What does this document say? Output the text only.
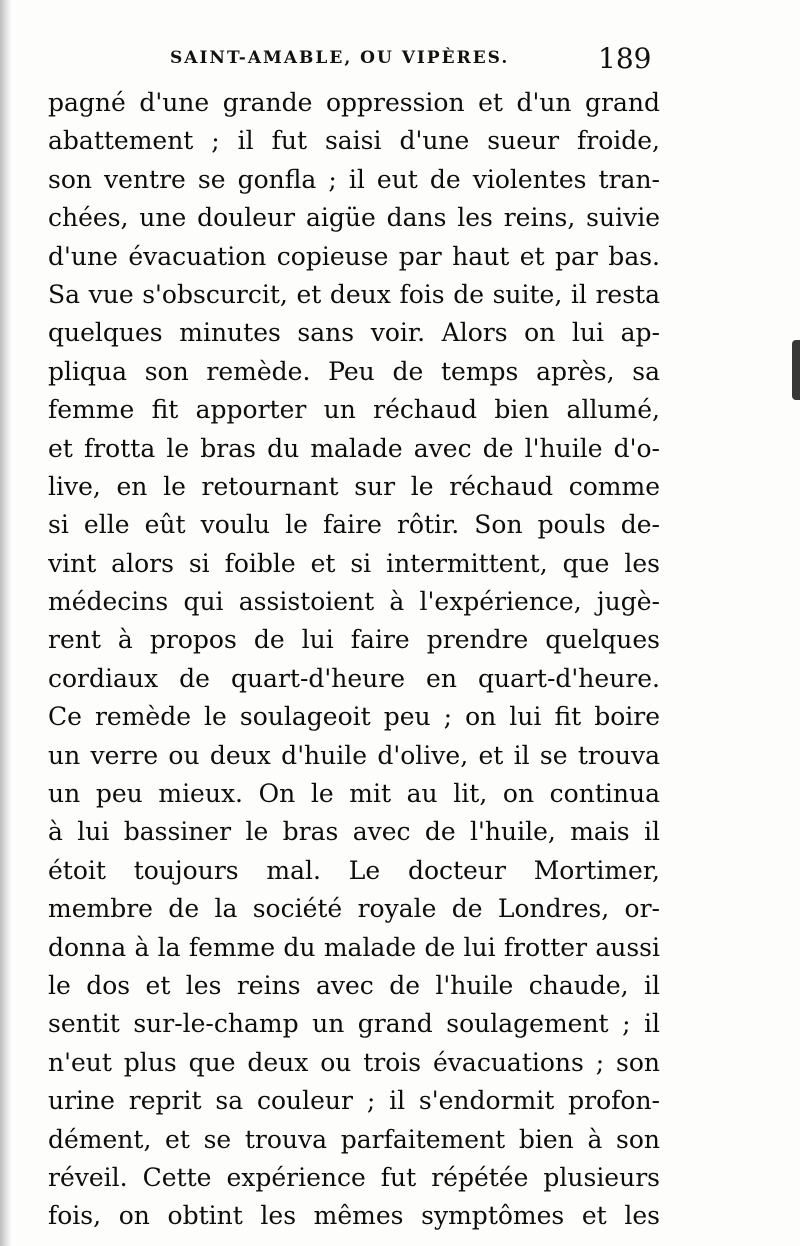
SAINT-AMABLE, OU VIPÈRES.	189
pagné d'une grande oppression et d'un grand
abattement ; il fut saisi d'une sueur froide,
son ventre se gonfla ; il eut de violentes tran-
chées, une douleur aigüe dans les reins, suivie
d'une évacuation copieuse par haut et par bas.
Sa vue s'obscurcit, et deux fois de suite, il resta
quelques minutes sans voir. Alors on lui ap-
pliqua son remède. Peu de temps après, sa
femme fit apporter un réchaud bien allumé,
et frotta le bras du malade avec de l'huile d'o-
live, en le retournant sur le réchaud comme
si elle eût voulu le faire rôtir. Son pouls de-
vint alors si foible et si intermittent, que les
médecins qui assistoient à l'expérience, jugè-
rent à propos de lui faire prendre quelques
cordiaux de quart-d'heure en quart-d'heure.
Ce remède le soulageoit peu ; on lui fit boire
un verre ou deux d'huile d'olive, et il se trouva
un peu mieux. On le mit au lit, on continua
à lui bassiner le bras avec de l'huile, mais il
étoit toujours mal. Le docteur Mortimer,
membre de la société royale de Londres, or-
donna à la femme du malade de lui frotter aussi
le dos et les reins avec de l'huile chaude, il
sentit sur-le-champ un grand soulagement ; il
n'eut plus que deux ou trois évacuations ; son
urine reprit sa couleur ; il s'endormit profon-
dément, et se trouva parfaitement bien à son
réveil. Cette expérience fut répétée plusieurs
fois, on obtint les mêmes symptômes et les
